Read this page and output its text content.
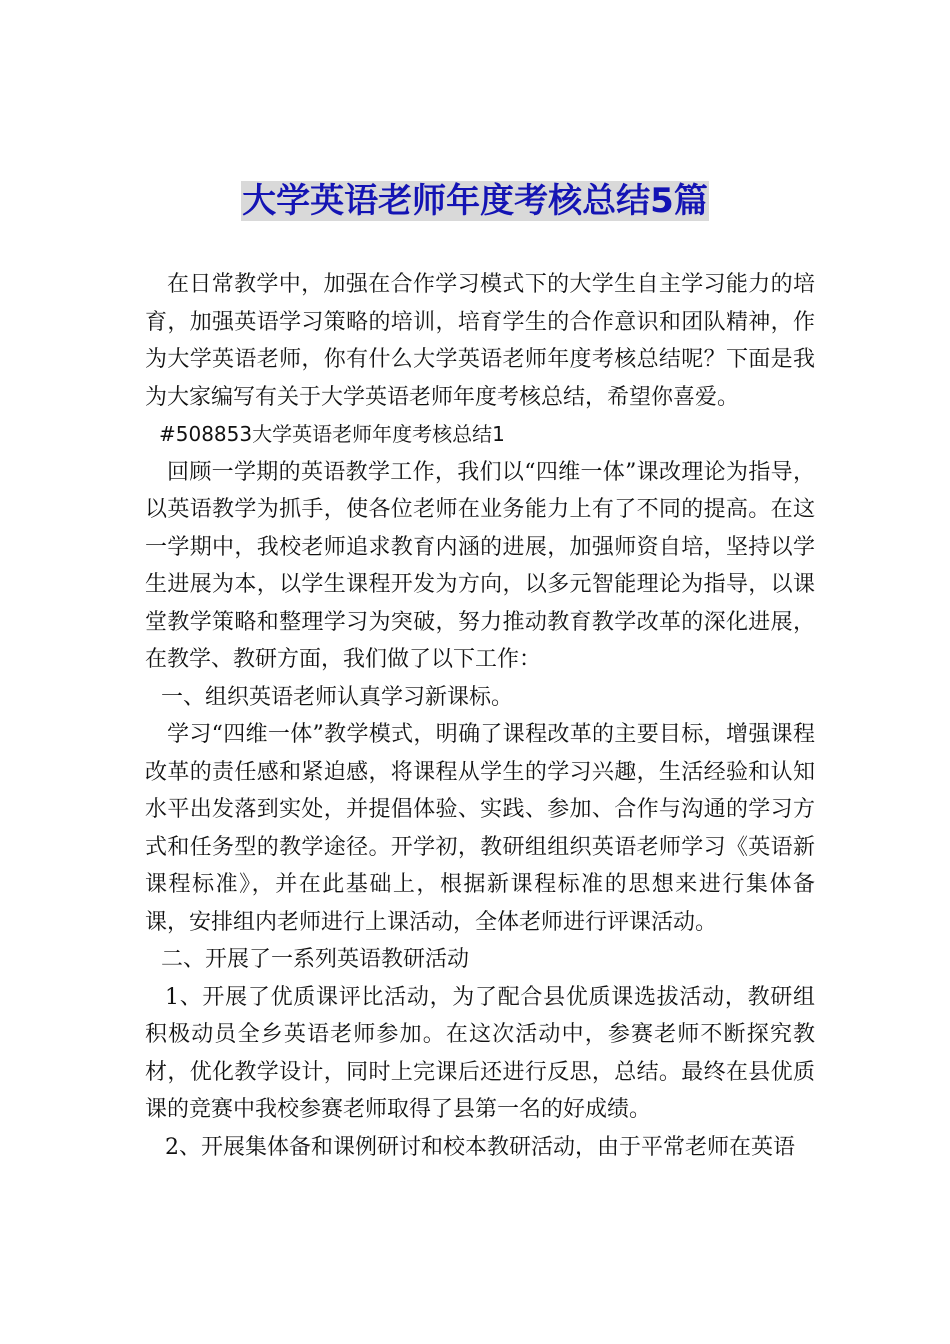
大学英语老师年度考核总结5篇

在日常教学中，加强在合作学习模式下的大学生自主学习能力的培育，加强英语学习策略的培训，培育学生的合作意识和团队精神，作为大学英语老师，你有什么大学英语老师年度考核总结呢？下面是我为大家编写有关于大学英语老师年度考核总结，希望你喜爱。

#508853大学英语老师年度考核总结1

回顾一学期的英语教学工作，我们以“四维一体”课改理论为指导，以英语教学为抓手，使各位老师在业务能力上有了不同的提高。在这一学期中，我校老师追求教育内涵的进展，加强师资自培，坚持以学生进展为本，以学生课程开发为方向，以多元智能理论为指导，以课堂教学策略和整理学习为突破，努力推动教育教学改革的深化进展，在教学、教研方面，我们做了以下工作：

一、组织英语老师认真学习新课标。

学习“四维一体”教学模式，明确了课程改革的主要目标，增强课程改革的责任感和紧迫感，将课程从学生的学习兴趣，生活经验和认知水平出发落到实处，并提倡体验、实践、参加、合作与沟通的学习方式和任务型的教学途径。开学初，教研组组织英语老师学习《英语新课程标准》，并在此基础上，根据新课程标准的思想来进行集体备课，安排组内老师进行上课活动，全体老师进行评课活动。

二、开展了一系列英语教研活动

1、开展了优质课评比活动，为了配合县优质课选拔活动，教研组积极动员全乡英语老师参加。在这次活动中，参赛老师不断探究教材，优化教学设计，同时上完课后还进行反思，总结。最终在县优质课的竞赛中我校参赛老师取得了县第一名的好成绩。

2、开展集体备和课例研讨和校本教研活动，由于平常老师在英语
